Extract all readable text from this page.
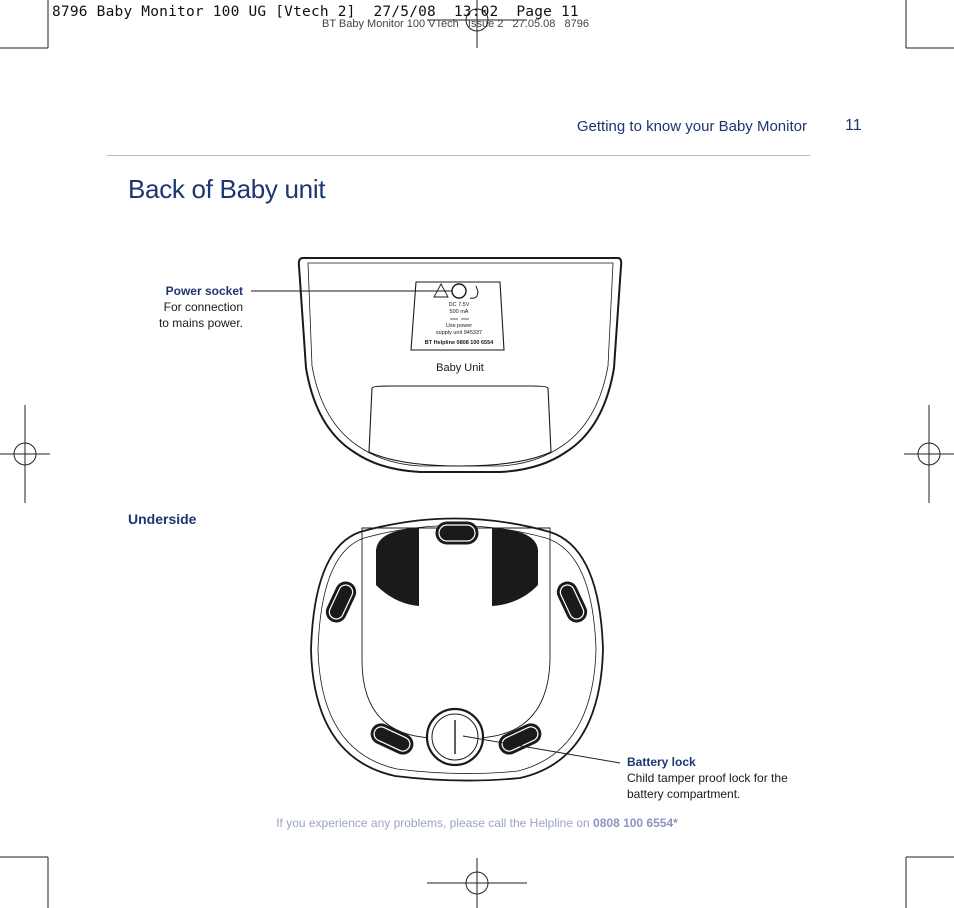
BT Baby Monitor 100 VTech   Issue 2   27.05.08   8796
8796 Baby Monitor 100 UG [Vtech 2]  27/5/08  13:02  Page 11
Getting to know your Baby Monitor 11
Back of Baby unit
DC 7.5V
500 mA
Use power
supply unit 945337
BT Helpline 0808 100 6554
Baby Unit
Power socket
For connection
to mains power.
Underside
Battery lock
Child tamper proof lock for the
battery compartment.
If you experience any problems, please call the Helpline on 0808 100 6554*
